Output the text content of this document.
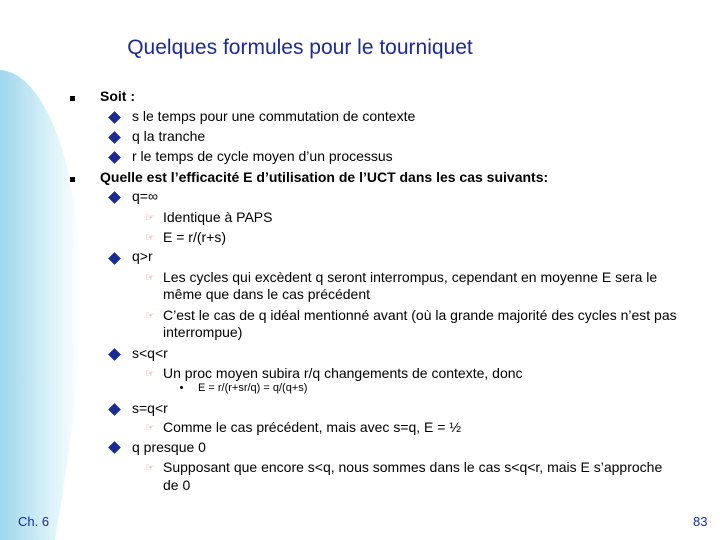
Quelques formules pour le tourniquet
☞
☞
☞
☞
☞
☞
☞
Soit :
s le temps pour une commutation de contexte
q la tranche
r le temps de cycle moyen d’un processus
Quelle est l’efficacité E d’utilisation de l’UCT dans les cas suivants:
q=∞
Identique à PAPS
E = r/(r+s)
q>r
Les cycles qui excèdent q seront interrompus, cependant en moyenne E sera le
même que dans le cas précédent
C’est le cas de q idéal mentionné avant (où la grande majorité des cycles n’est pas
interrompue)
s<q<r
Un proc moyen subira r/q changements de contexte, donc
E = r/(r+sr/q) = q/(q+s)
s=q<r
Comme le cas précédent, mais avec s=q, E = ½
q presque 0
Supposant que encore s<q, nous sommes dans le cas s<q<r, mais E s’approche
de 0
Ch. 6	83
